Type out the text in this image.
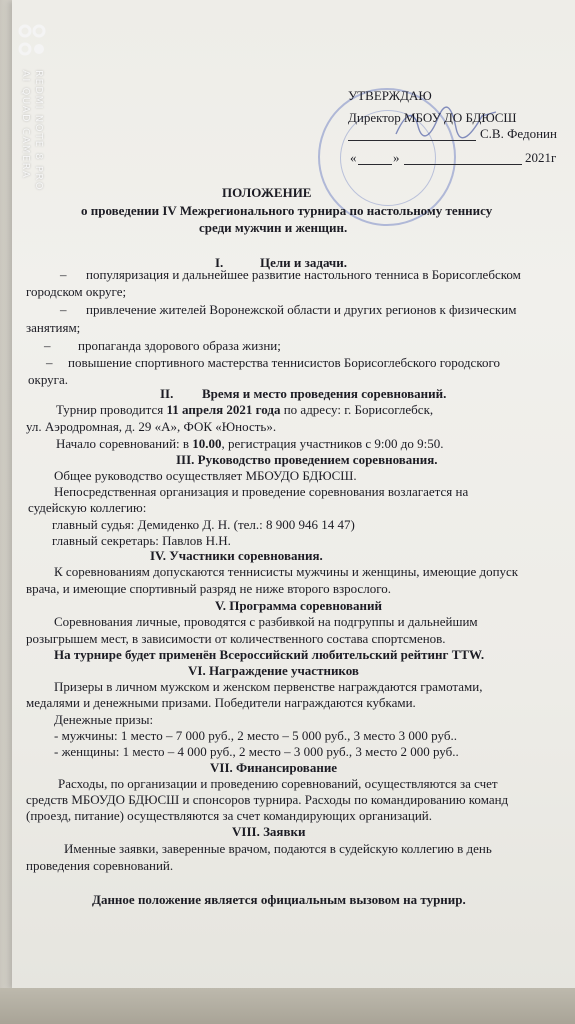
REDMI NOTE 8 PRO
AI QUAD CAMERA	УТВЕРЖДАЮ
Директор МБОУ ДО БДЮСШ
С.В. Федонин
«	»	2021г
ПОЛОЖЕНИЕ
о проведении IV Межрегионального турнира по настольному теннису
среди мужчин и женщин.
I.	Цели и задачи.
– популяризация и дальнейшее развитие настольного тенниса в Борисоглебском
городском округе;
– привлечение жителей Воронежской области и других регионов к физическим
занятиям;
– пропаганда здорового образа жизни;
– повышение спортивного мастерства теннисистов Борисоглебского городского
округа.
II. Время и место проведения соревнований.
Турнир проводится 11 апреля 2021 года по адресу: г. Борисоглебск,
ул. Аэродромная, д. 29 «А», ФОК «Юность».
Начало соревнований: в 10.00, регистрация участников с 9:00 до 9:50.
III. Руководство проведением соревнования.
Общее руководство осуществляет МБОУДО БДЮСШ.
Непосредственная организация и проведение соревнования возлагается на
судейскую коллегию:
главный судья: Демиденко Д. Н. (тел.: 8 900 946 14 47)
главный секретарь: Павлов Н.Н.
IV. Участники соревнования.
К соревнованиям допускаются теннисисты мужчины и женщины, имеющие допуск
врача, и имеющие спортивный разряд не ниже второго взрослого.
V. Программа соревнований
Соревнования личные, проводятся с разбивкой на подгруппы и дальнейшим
розыгрышем мест, в зависимости от количественного состава спортсменов.
На турнире будет применён Всероссийский любительский рейтинг TTW.
VI. Награждение участников
Призеры в личном мужском и женском первенстве награждаются грамотами,
медалями и денежными призами. Победители награждаются кубками.
Денежные призы:
- мужчины: 1 место – 7 000 руб., 2 место – 5 000 руб., 3 место 3 000 руб..
- женщины: 1 место – 4 000 руб., 2 место – 3 000 руб., 3 место 2 000 руб..
VII. Финансирование
Расходы, по организации и проведению соревнований, осуществляются за счет
средств МБОУДО БДЮСШ и спонсоров турнира. Расходы по командированию команд
(проезд, питание) осуществляются за счет командирующих организаций.
VIII. Заявки
Именные заявки, заверенные врачом, подаются в судейскую коллегию в день
проведения соревнований.
Данное положение является официальным вызовом на турнир.
